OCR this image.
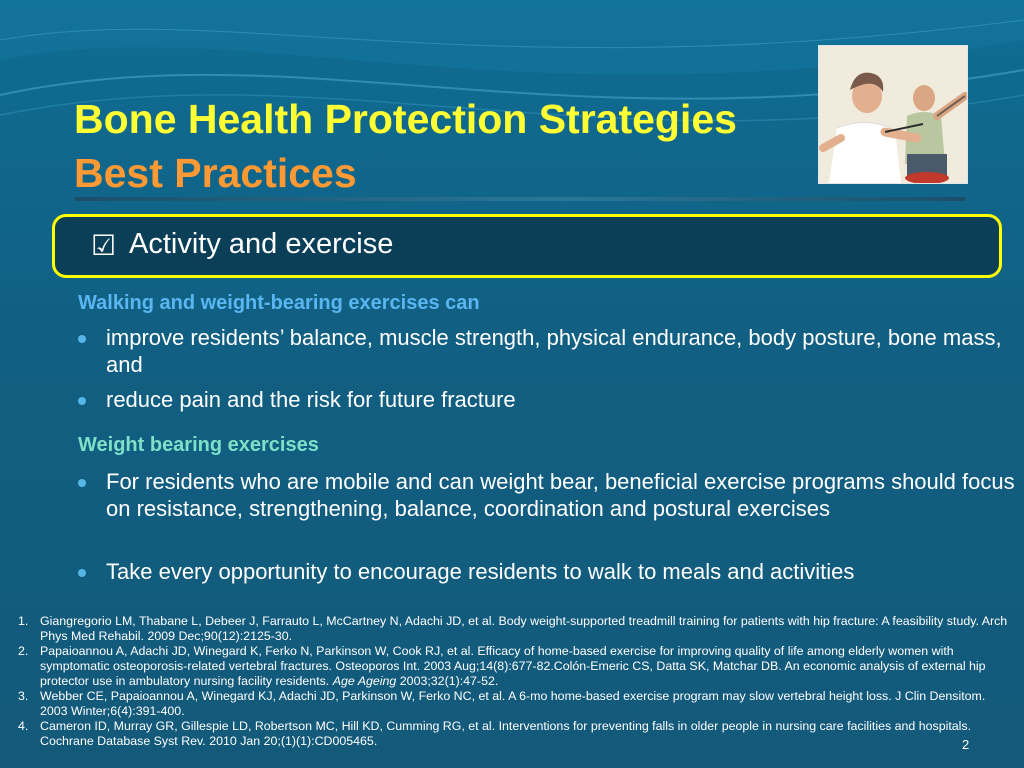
Bone Health Protection Strategies
Best Practices
☑ Activity and exercise
Walking and weight-bearing exercises can
improve residents’ balance, muscle strength, physical endurance, body posture, bone mass, and
reduce pain and the risk for future fracture
Weight bearing exercises
For residents who are mobile and can weight bear, beneficial exercise programs should focus on resistance, strengthening, balance, coordination and postural exercises
Take every opportunity to encourage residents to walk to meals and activities
1. Giangregorio LM, Thabane L, Debeer J, Farrauto L, McCartney N, Adachi JD, et al. Body weight-supported treadmill training for patients with hip fracture: A feasibility study. Arch Phys Med Rehabil. 2009 Dec;90(12):2125-30.
2. Papaioannou A, Adachi JD, Winegard K, Ferko N, Parkinson W, Cook RJ, et al. Efficacy of home-based exercise for improving quality of life among elderly women with symptomatic osteoporosis-related vertebral fractures. Osteoporos Int. 2003 Aug;14(8):677-82.Colón-Emeric CS, Datta SK, Matchar DB. An economic analysis of external hip protector use in ambulatory nursing facility residents. Age Ageing 2003;32(1):47-52.
3. Webber CE, Papaioannou A, Winegard KJ, Adachi JD, Parkinson W, Ferko NC, et al. A 6-mo home-based exercise program may slow vertebral height loss. J Clin Densitom. 2003 Winter;6(4):391-400.
4. Cameron ID, Murray GR, Gillespie LD, Robertson MC, Hill KD, Cumming RG, et al. Interventions for preventing falls in older people in nursing care facilities and hospitals. Cochrane Database Syst Rev. 2010 Jan 20;(1)(1):CD005465.	2
